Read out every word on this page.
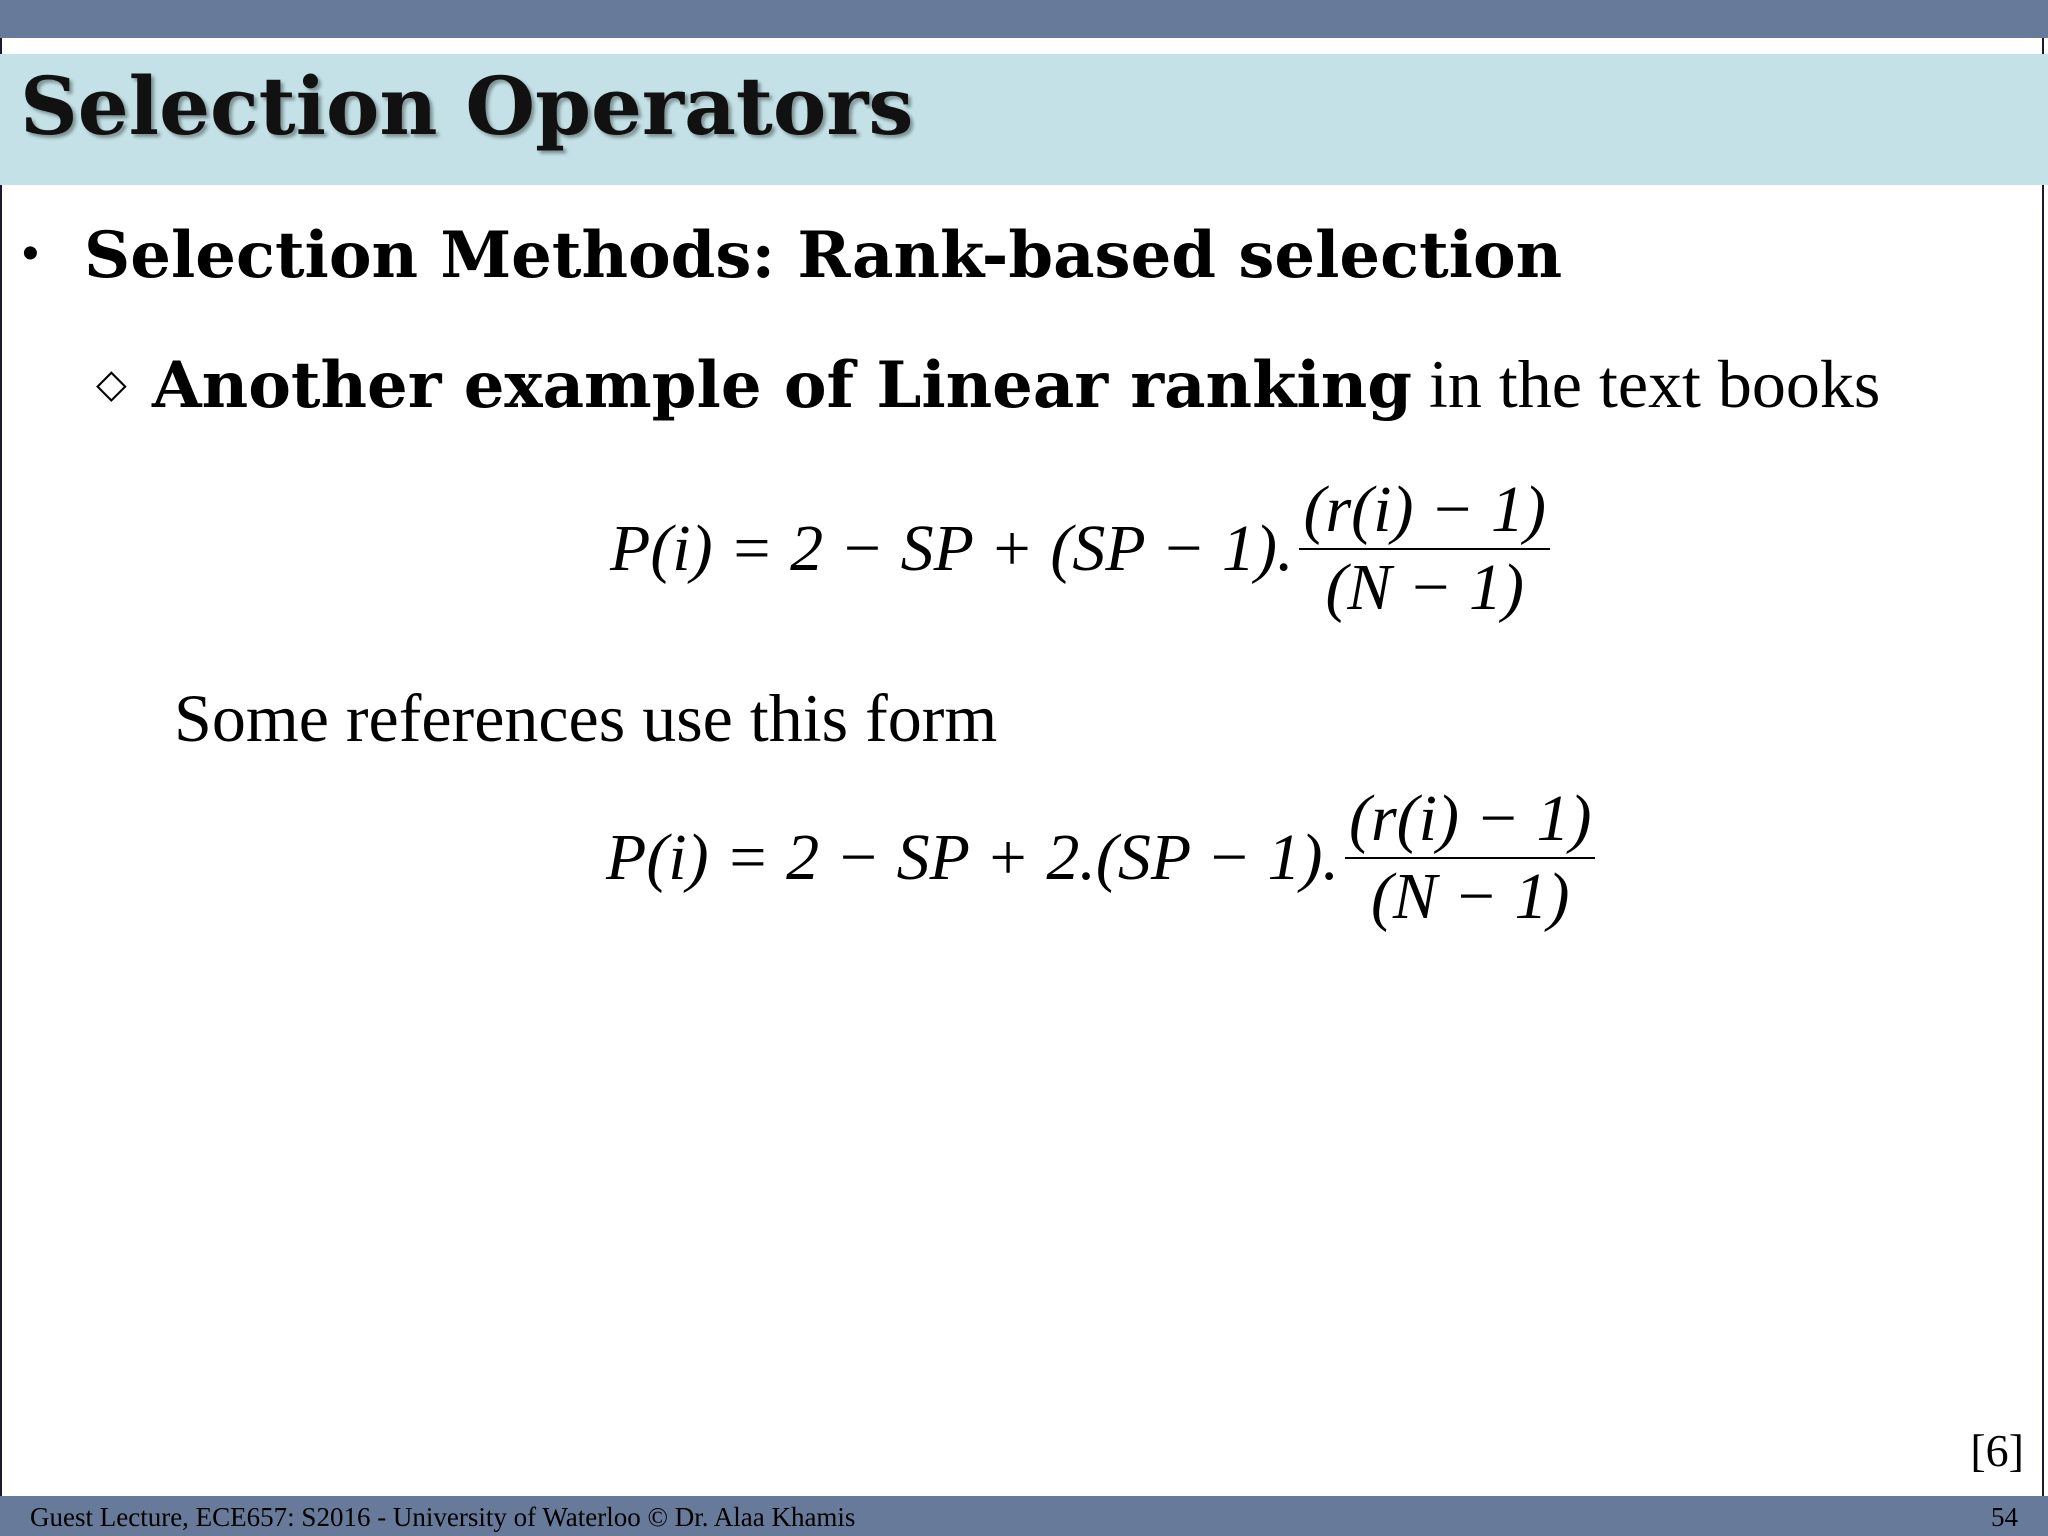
Selection Operators
• Selection Methods: Rank-based selection
◇ Another example of Linear ranking in the text books
P(i) = 2 − SP + (SP − 1). $\frac{(r(i) - 1)}{(N - 1)}$
Some references use this form
P(i) = 2 − SP + 2.(SP − 1). $\frac{(r(i) - 1)}{(N - 1)}$
[6]
Guest Lecture, ECE657: S2016 - University of Waterloo © Dr. Alaa Khamis	54
